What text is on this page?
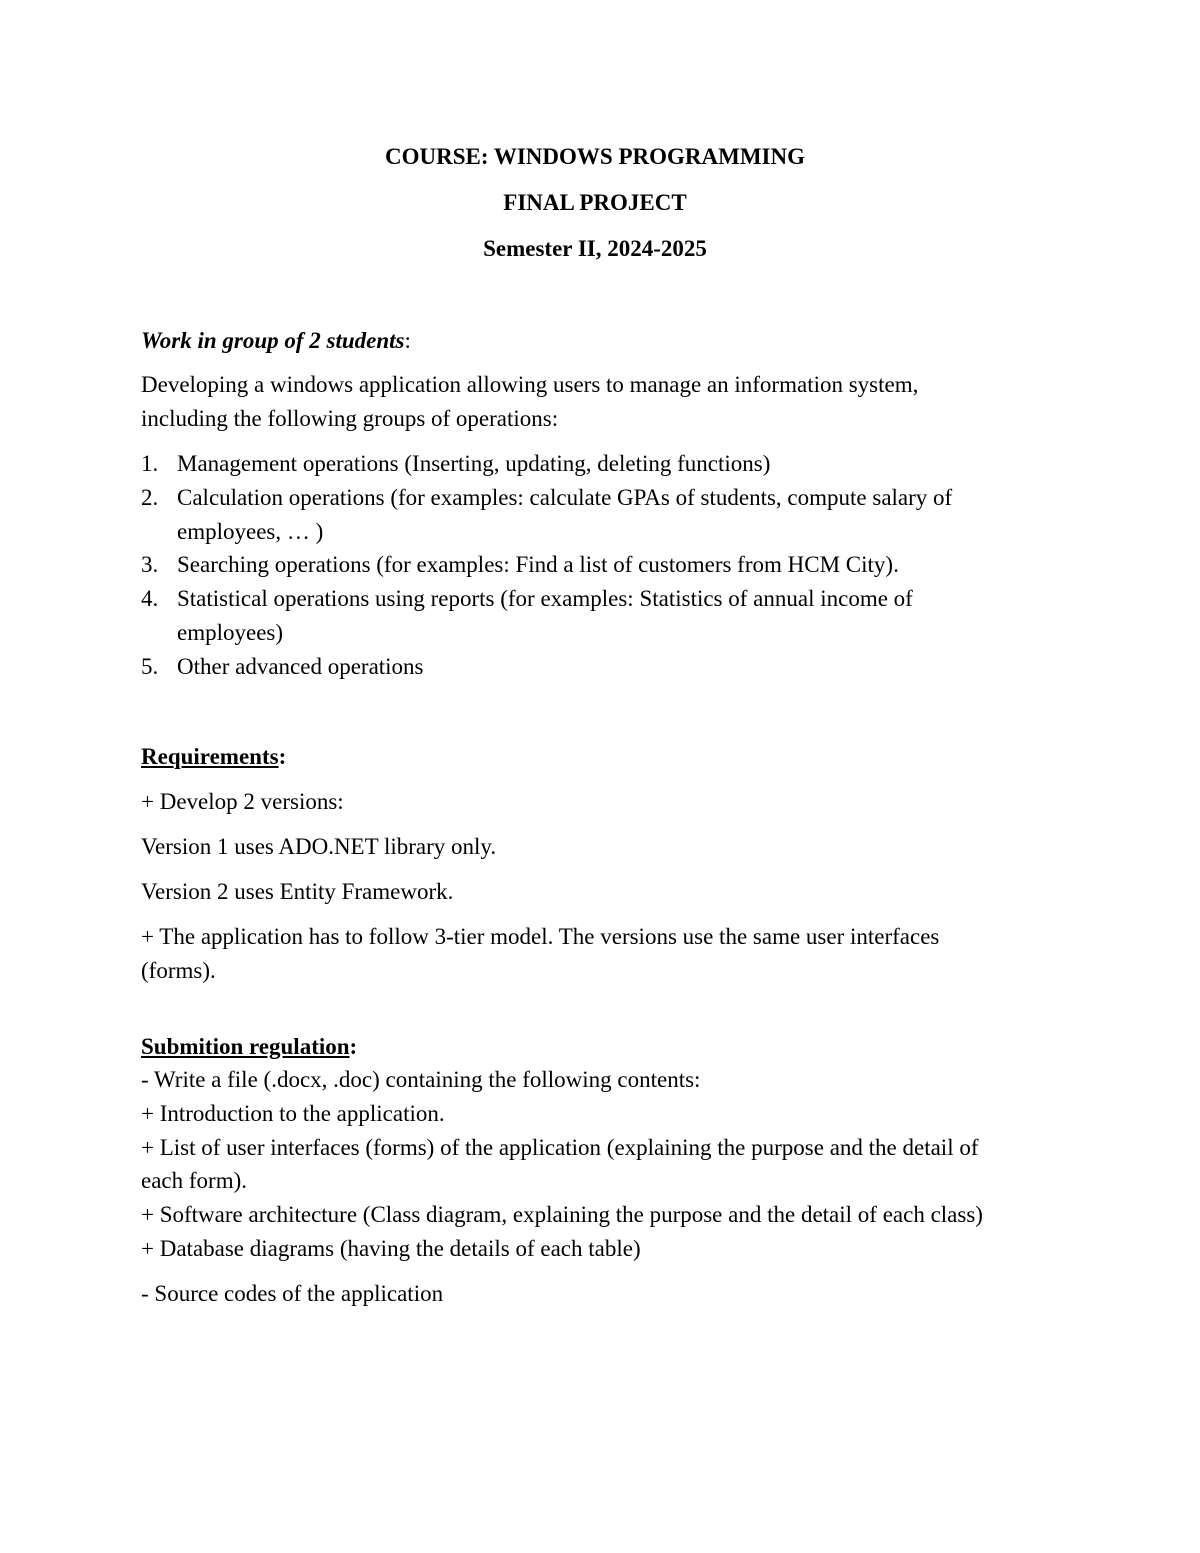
COURSE: WINDOWS PROGRAMMING
FINAL PROJECT
Semester II, 2024-2025
Work in group of 2 students:
Developing a windows application allowing users to manage an information system,
including the following groups of operations:
1. Management operations (Inserting, updating, deleting functions)
2. Calculation operations (for examples: calculate GPAs of students, compute salary of
employees, … )
3. Searching operations (for examples: Find a list of customers from HCM City).
4. Statistical operations using reports (for examples: Statistics of annual income of
employees)
5. Other advanced operations
Requirements:
+ Develop 2 versions:
Version 1 uses ADO.NET library only.
Version 2 uses Entity Framework.
+ The application has to follow 3-tier model. The versions use the same user interfaces
(forms).
Submition regulation:
- Write a file (.docx, .doc) containing the following contents:
+ Introduction to the application.
+ List of user interfaces (forms) of the application (explaining the purpose and the detail of
each form).
+ Software architecture (Class diagram, explaining the purpose and the detail of each class)
+ Database diagrams (having the details of each table)
- Source codes of the application
